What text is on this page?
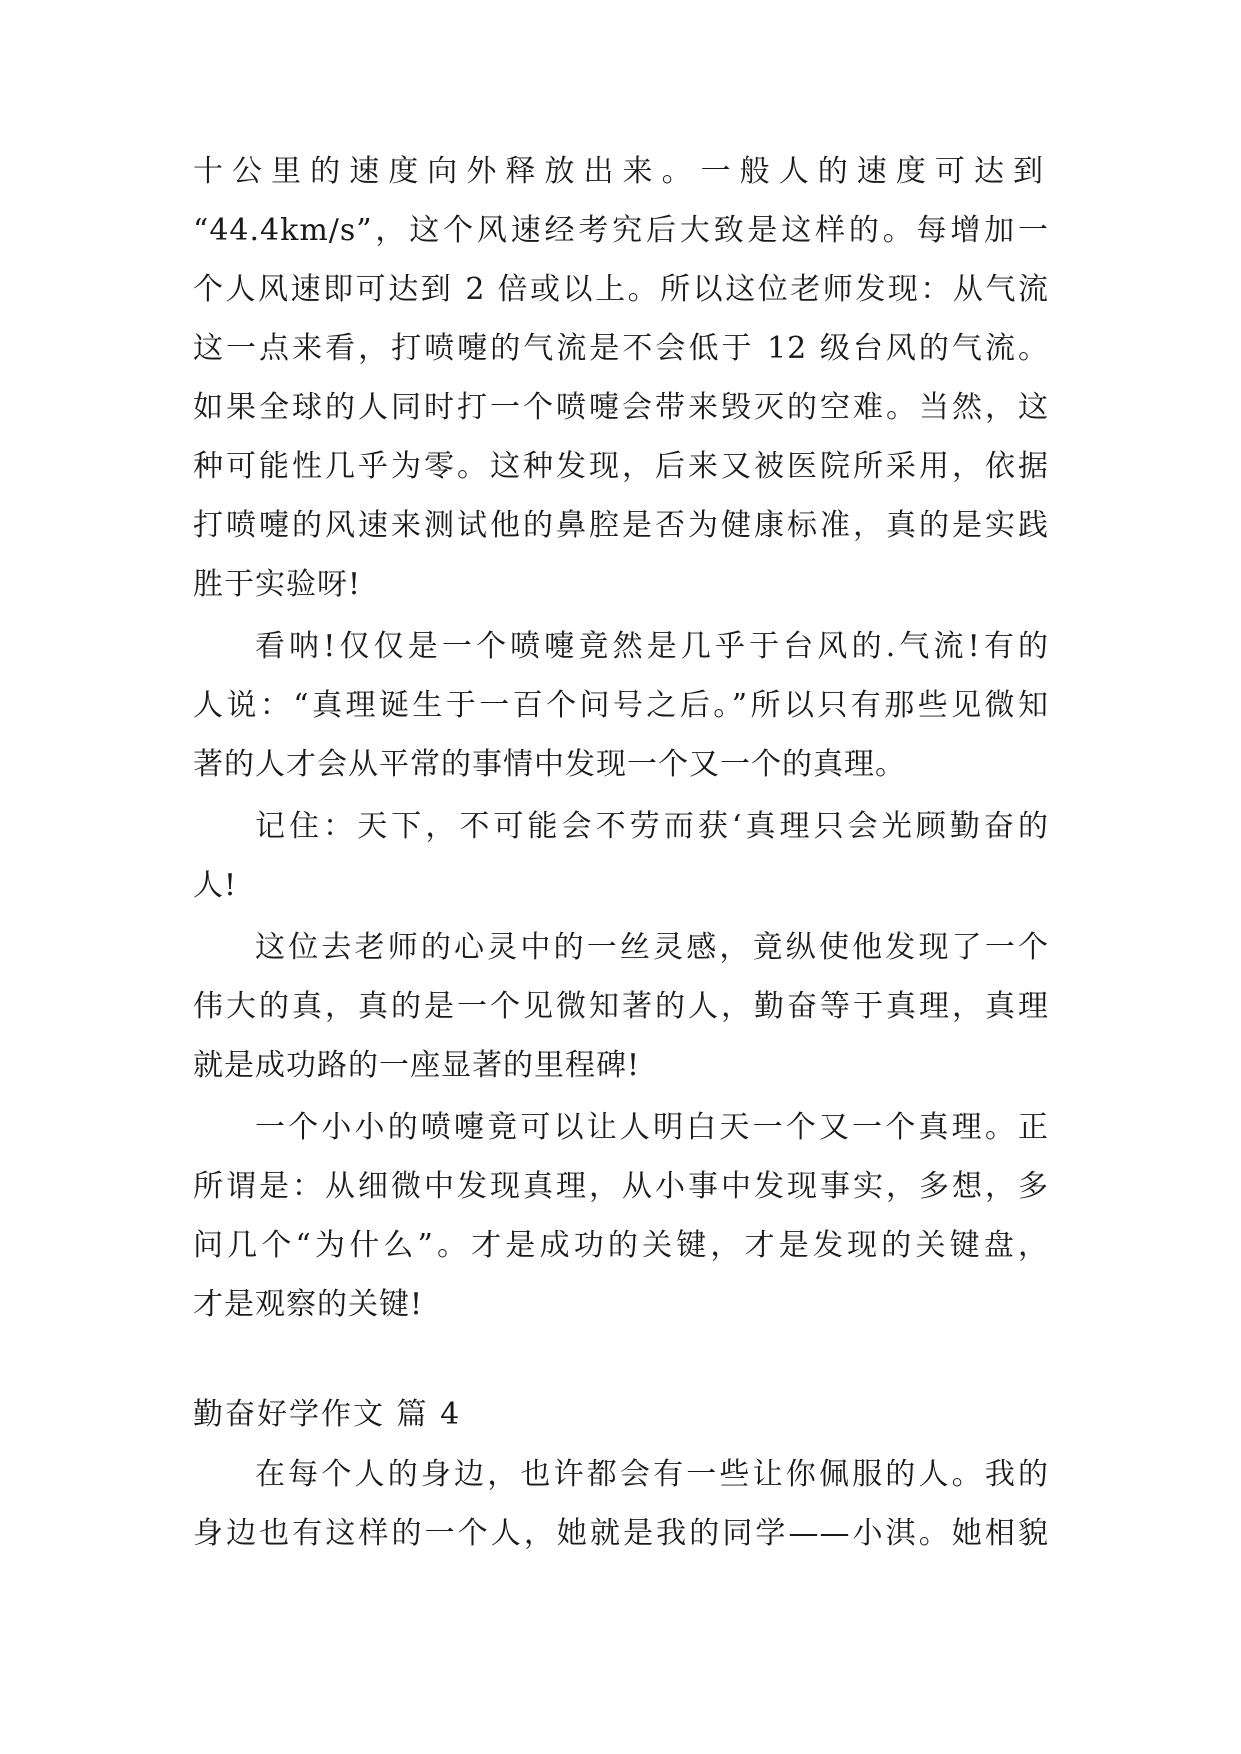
十公里的速度向外释放出来。一般人的速度可达到
“44.4km/s”，这个风速经考究后大致是这样的。每增加一
个人风速即可达到 2 倍或以上。所以这位老师发现：从气流
这一点来看，打喷嚏的气流是不会低于 12 级台风的气流。
如果全球的人同时打一个喷嚏会带来毁灭的空难。当然，这
种可能性几乎为零。这种发现，后来又被医院所采用，依据
打喷嚏的风速来测试他的鼻腔是否为健康标准，真的是实践
胜于实验呀!
看呐!仅仅是一个喷嚏竟然是几乎于台风的.气流!有的
人说：“真理诞生于一百个问号之后。”所以只有那些见微知
著的人才会从平常的事情中发现一个又一个的真理。
记住：天下，不可能会不劳而获‘真理只会光顾勤奋的
人!
这位去老师的心灵中的一丝灵感，竟纵使他发现了一个
伟大的真，真的是一个见微知著的人，勤奋等于真理，真理
就是成功路的一座显著的里程碑!
一个小小的喷嚏竟可以让人明白天一个又一个真理。正
所谓是：从细微中发现真理，从小事中发现事实，多想，多
问几个“为什么”。才是成功的关键，才是发现的关键盘，
才是观察的关键!
勤奋好学作文 篇 4
在每个人的身边，也许都会有一些让你佩服的人。我的
身边也有这样的一个人，她就是我的同学——小淇。她相貌
